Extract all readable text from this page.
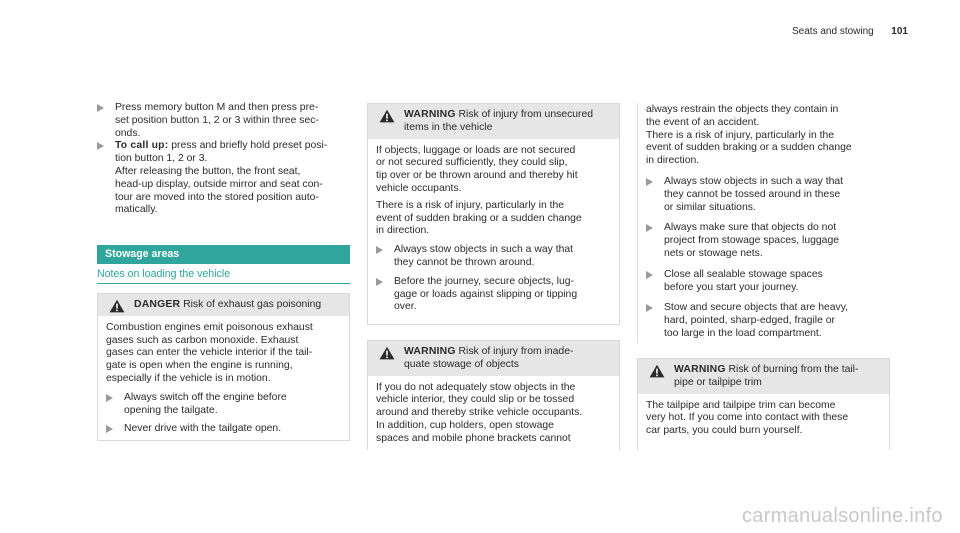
Seats and stowing 101

Press memory button M and then press pre-

set position button 1, 2 or 3 within three sec-

onds.

To call up: press and briefly hold preset posi-

tion button 1, 2 or 3.

After releasing the button, the front seat,

head-up display, outside mirror and seat con-

tour are moved into the stored position auto-

matically.

Stowage areas
Notes on loading the vehicle
DANGER Risk of exhaust gas poisoning

Combustion engines emit poisonous exhaust

gases such as carbon monoxide. Exhaust

gases can enter the vehicle interior if the tail-

gate is open when the engine is running,

especially if the vehicle is in motion.

Always switch off the engine before

opening the tailgate.

Never drive with the tailgate open.

WARNING Risk of injury from unsecured

items in the vehicle

If objects, luggage or loads are not secured

or not secured sufficiently, they could slip,

tip over or be thrown around and thereby hit

vehicle occupants.

There is a risk of injury, particularly in the

event of sudden braking or a sudden change

in direction.

Always stow objects in such a way that

they cannot be thrown around.

Before the journey, secure objects, lug-

gage or loads against slipping or tipping

over.

WARNING Risk of injury from inade-

quate stowage of objects

If you do not adequately stow objects in the

vehicle interior, they could slip or be tossed

around and thereby strike vehicle occupants.

In addition, cup holders, open stowage

spaces and mobile phone brackets cannot

always restrain the objects they contain in

the event of an accident.

There is a risk of injury, particularly in the

event of sudden braking or a sudden change

in direction.

Always stow objects in such a way that

they cannot be tossed around in these

or similar situations.

Always make sure that objects do not

project from stowage spaces, luggage

nets or stowage nets.

Close all sealable stowage spaces

before you start your journey.

Stow and secure objects that are heavy,

hard, pointed, sharp-edged, fragile or

too large in the load compartment.

WARNING Risk of burning from the tail-

pipe or tailpipe trim

The tailpipe and tailpipe trim can become

very hot. If you come into contact with these

car parts, you could burn yourself.

carmanualsonline.info
